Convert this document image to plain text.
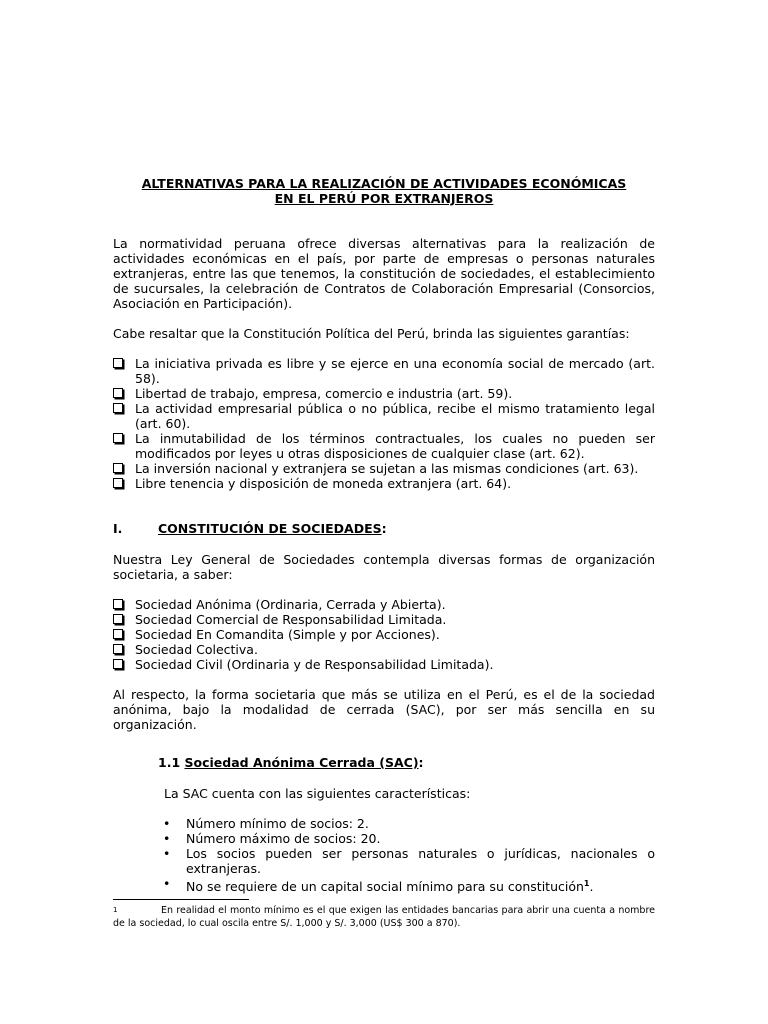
ALTERNATIVAS PARA LA REALIZACIÓN DE ACTIVIDADES ECONÓMICAS
EN EL PERÚ POR EXTRANJEROS

La normatividad peruana ofrece diversas alternativas para la realización de actividades económicas en el país, por parte de empresas o personas naturales extranjeras, entre las que tenemos, la constitución de sociedades, el establecimiento de sucursales, la celebración de Contratos de Colaboración Empresarial (Consorcios, Asociación en Participación).

Cabe resaltar que la Constitución Política del Perú, brinda las siguientes garantías:

La iniciativa privada es libre y se ejerce en una economía social de mercado (art. 58).
Libertad de trabajo, empresa, comercio e industria (art. 59).
La actividad empresarial pública o no pública, recibe el mismo tratamiento legal (art. 60).
La inmutabilidad de los términos contractuales, los cuales no pueden ser modificados por leyes u otras disposiciones de cualquier clase (art. 62).
La inversión nacional y extranjera se sujetan a las mismas condiciones (art. 63).
Libre tenencia y disposición de moneda extranjera (art. 64).
I.	CONSTITUCIÓN DE SOCIEDADES:

Nuestra Ley General de Sociedades contempla diversas formas de organización societaria, a saber:

Sociedad Anónima (Ordinaria, Cerrada y Abierta).
Sociedad Comercial de Responsabilidad Limitada.
Sociedad En Comandita (Simple y por Acciones).
Sociedad Colectiva.
Sociedad Civil (Ordinaria y de Responsabilidad Limitada).

Al respecto, la forma societaria que más se utiliza en el Perú, es el de la sociedad anónima, bajo la modalidad de cerrada (SAC), por ser más sencilla en su organización.

1.1 Sociedad Anónima Cerrada (SAC):

La SAC cuenta con las siguientes características:

• Número mínimo de socios: 2.
• Número máximo de socios: 20.
• Los socios pueden ser personas naturales o jurídicas, nacionales o extranjeras.
• No se requiere de un capital social mínimo para su constitución$^1$.
1	En realidad el monto mínimo es el que exigen las entidades bancarias para abrir una cuenta a nombre de la sociedad, lo cual oscila entre S/. 1,000 y S/. 3,000 (US$ 300 a 870).
